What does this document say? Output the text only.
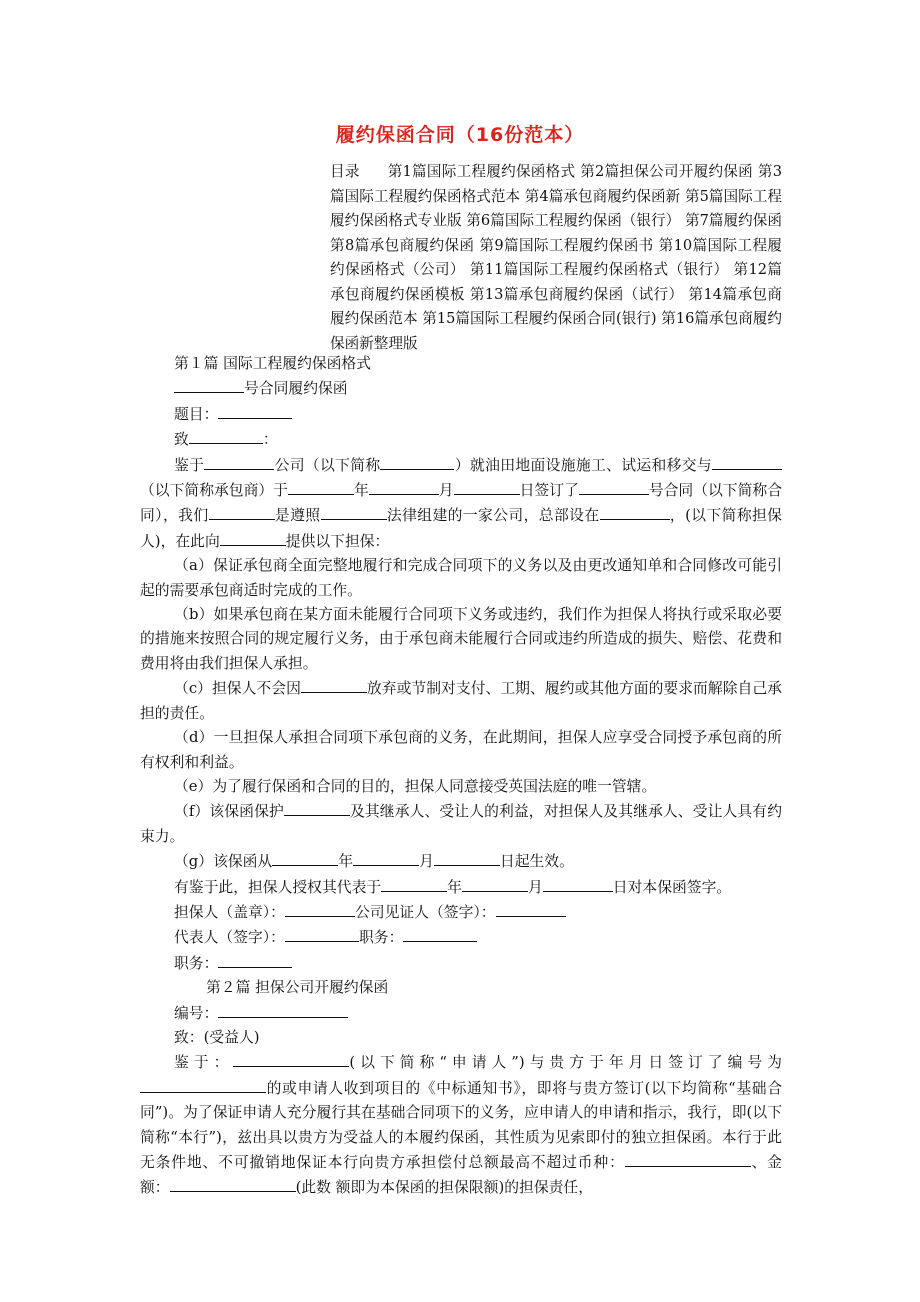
履约保函合同（16份范本）

目录 第1篇国际工程履约保函格式 第2篇担保公司开履约保函 第3篇国际工程履约保函格式范本 第4篇承包商履约保函新 第5篇国际工程履约保函格式专业版 第6篇国际工程履约保函（银行） 第7篇履约保函 第8篇承包商履约保函 第9篇国际工程履约保函书 第10篇国际工程履约保函格式（公司） 第11篇国际工程履约保函格式（银行） 第12篇承包商履约保函模板 第13篇承包商履约保函（试行） 第14篇承包商履约保函范本 第15篇国际工程履约保函合同(银行) 第16篇承包商履约保函新整理版

第１篇 国际工程履约保函格式

号合同履约保函

题目：

致	：

鉴于	公司（以下简称	）就油田地面设施施工、试运和移交与（以下简称承包商）于	年	月	日签订了	号合同（以下简称合同），我们	是遵照	法律组建的一家公司，总部设在	，(以下简称担保人)，在此向	提供以下担保：

（a）保证承包商全面完整地履行和完成合同项下的义务以及由更改通知单和合同修改可能引起的需要承包商适时完成的工作。

（b）如果承包商在某方面未能履行合同项下义务或违约，我们作为担保人将执行或采取必要的措施来按照合同的规定履行义务，由于承包商未能履行合同或违约所造成的损失、赔偿、花费和费用将由我们担保人承担。

（c）担保人不会因	放弃或节制对支付、工期、履约或其他方面的要求而解除自己承担的责任。

（d）一旦担保人承担合同项下承包商的义务，在此期间，担保人应享受合同授予承包商的所有权利和利益。

（e）为了履行保函和合同的目的，担保人同意接受英国法庭的唯一管辖。

（f）该保函保护	及其继承人、受让人的利益，对担保人及其继承人、受让人具有约束力。

（g）该保函从	年	月	日起生效。

有鉴于此，担保人授权其代表于	年	月	日对本保函签字。

担保人（盖章）：	公司见证人（签字）：

代表人（签字）：	职务：

职务：

第２篇 担保公司开履约保函

编号：

致：(受益人)

鉴于：	(以下简称“申请人”)与贵方于年月日签订了编号为的或申请人收到项目的《中标通知书》，即将与贵方签订(以下均简称“基础合同”)。为了保证申请人充分履行其在基础合同项下的义务，应申请人的申请和指示，我行，即(以下简称“本行”)，兹出具以贵方为受益人的本履约保函，其性质为见索即付的独立担保函。本行于此无条件地、不可撤销地保证本行向贵方承担偿付总额最高不超过币种：	、金额：	(此数 额即为本保函的担保限额)的担保责任，
